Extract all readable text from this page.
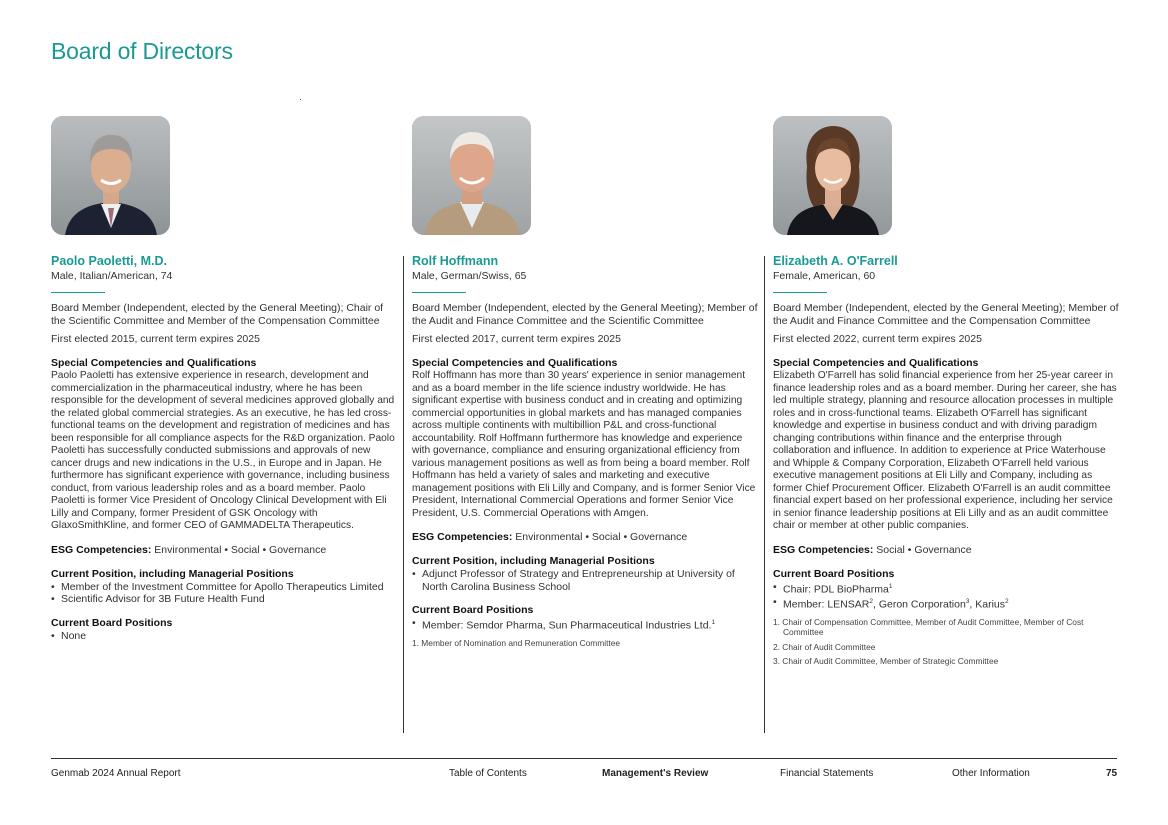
Board of Directors
Paolo Paoletti, M.D.
Male, Italian/American, 74
Board Member (Independent, elected by the General Meeting); Chair of the Scientific Committee and Member of the Compensation Committee
First elected 2015, current term expires 2025
Special Competencies and Qualifications
Paolo Paoletti has extensive experience in research, development and commercialization in the pharmaceutical industry, where he has been responsible for the development of several medicines approved globally and the related global commercial strategies. As an executive, he has led cross-functional teams on the development and registration of medicines and has been responsible for all compliance aspects for the R&D organization. Paolo Paoletti has successfully conducted submissions and approvals of new cancer drugs and new indications in the U.S., in Europe and in Japan. He furthermore has significant experience with governance, including business conduct, from various leadership roles and as a board member. Paolo Paoletti is former Vice President of Oncology Clinical Development with Eli Lilly and Company, former President of GSK Oncology with GlaxoSmithKline, and former CEO of GAMMADELTA Therapeutics.
ESG Competencies: Environmental • Social • Governance
Current Position, including Managerial Positions
• Member of the Investment Committee for Apollo Therapeutics Limited
• Scientific Advisor for 3B Future Health Fund
Current Board Positions
• None
Rolf Hoffmann
Male, German/Swiss, 65
Board Member (Independent, elected by the General Meeting); Member of the Audit and Finance Committee and the Scientific Committee
First elected 2017, current term expires 2025
Special Competencies and Qualifications
Rolf Hoffmann has more than 30 years' experience in senior management and as a board member in the life science industry worldwide. He has significant expertise with business conduct and in creating and optimizing commercial opportunities in global markets and has managed companies across multiple continents with multibillion P&L and cross-functional accountability. Rolf Hoffmann furthermore has knowledge and experience with governance, compliance and ensuring organizational efficiency from various management positions as well as from being a board member. Rolf Hoffmann has held a variety of sales and marketing and executive management positions with Eli Lilly and Company, and is former Senior Vice President, International Commercial Operations and former Senior Vice President, U.S. Commercial Operations with Amgen.
ESG Competencies: Environmental • Social • Governance
Current Position, including Managerial Positions
• Adjunct Professor of Strategy and Entrepreneurship at University of North Carolina Business School
Current Board Positions
• Member: Semdor Pharma, Sun Pharmaceutical Industries Ltd.$^1$
1. Member of Nomination and Remuneration Committee
Elizabeth A. O'Farrell
Female, American, 60
Board Member (Independent, elected by the General Meeting); Member of the Audit and Finance Committee and the Compensation Committee
First elected 2022, current term expires 2025
Special Competencies and Qualifications
Elizabeth O'Farrell has solid financial experience from her 25-year career in finance leadership roles and as a board member. During her career, she has led multiple strategy, planning and resource allocation processes in multiple roles and in cross-functional teams. Elizabeth O'Farrell has significant knowledge and expertise in business conduct and with driving paradigm changing contributions within finance and the enterprise through collaboration and influence. In addition to experience at Price Waterhouse and Whipple & Company Corporation, Elizabeth O'Farrell held various executive management positions at Eli Lilly and Company, including as former Chief Procurement Officer. Elizabeth O'Farrell is an audit committee financial expert based on her professional experience, including her service in senior finance leadership positions at Eli Lilly and as an audit committee chair or member at other public companies.
ESG Competencies: Social • Governance
Current Board Positions
• Chair: PDL BioPharma$^1$
• Member: LENSAR$^2$, Geron Corporation$^3$, Karius$^2$
1. Chair of Compensation Committee, Member of Audit Committee, Member of Cost Committee
2. Chair of Audit Committee
3. Chair of Audit Committee, Member of Strategic Committee
Genmab 2024 Annual Report	Table of Contents	Management's Review	Financial Statements	Other Information	75
